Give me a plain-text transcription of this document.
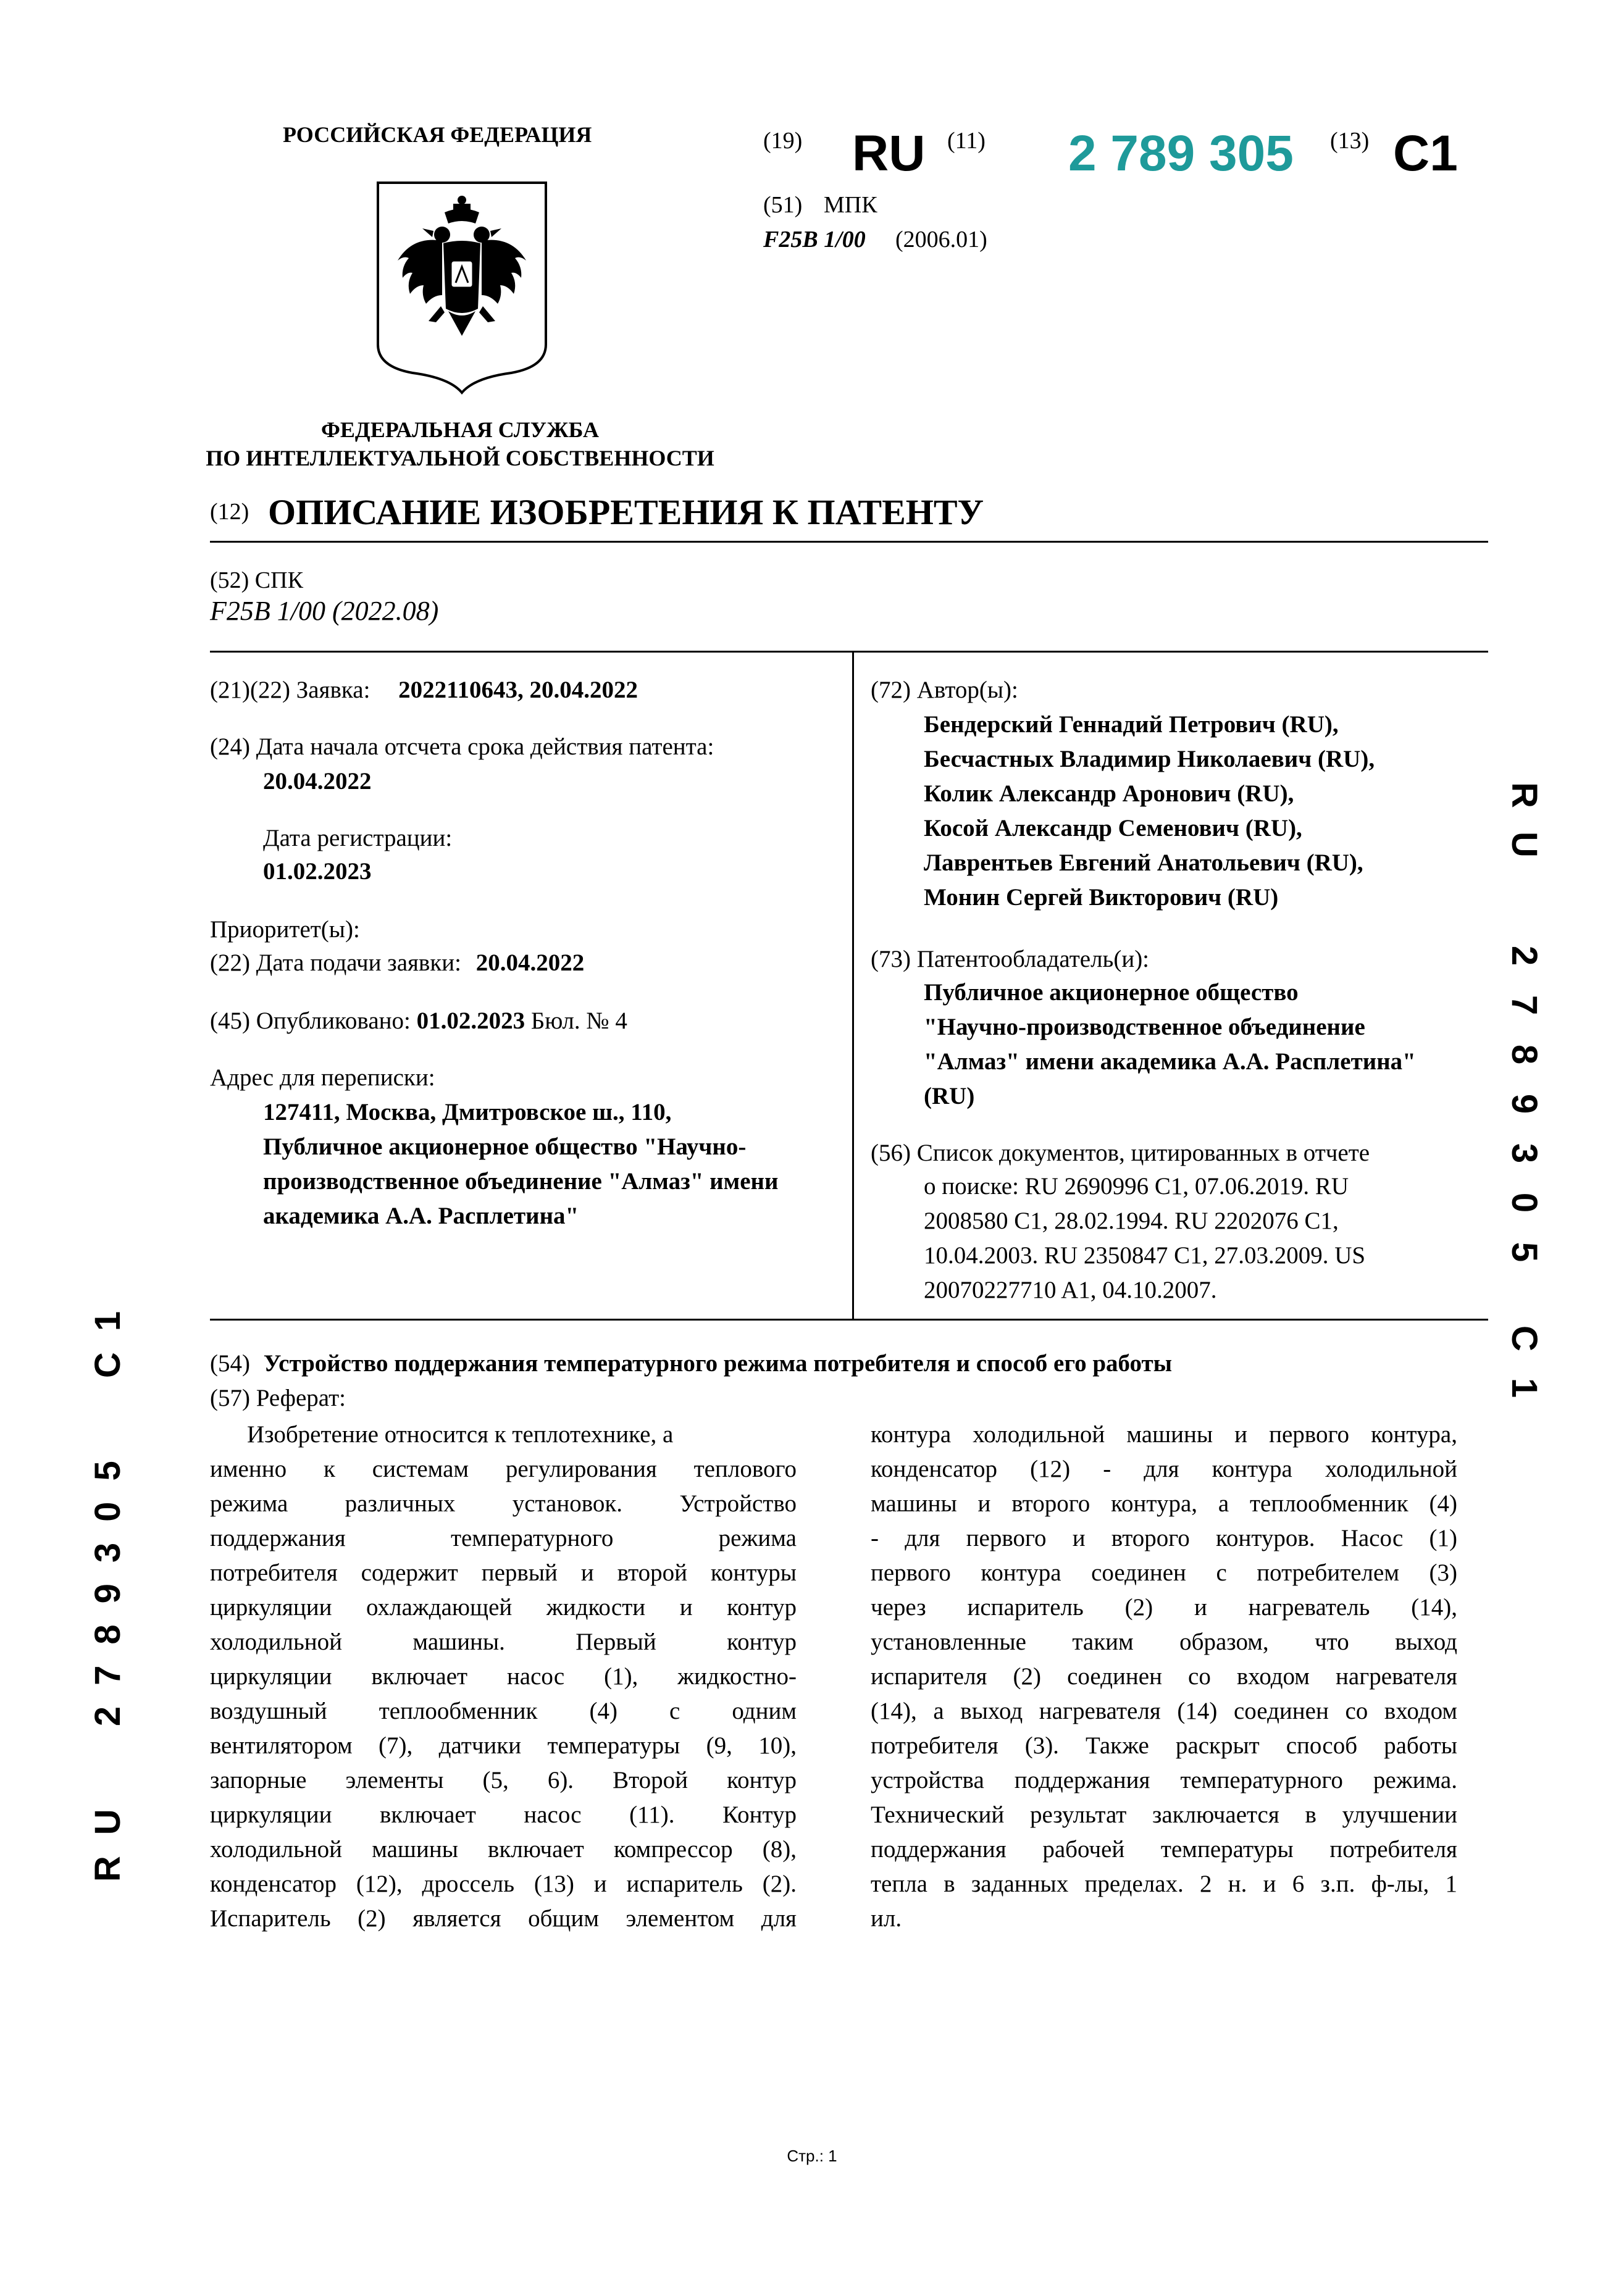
РОССИЙСКАЯ ФЕДЕРАЦИЯ
ФЕДЕРАЛЬНАЯ СЛУЖБА
ПО ИНТЕЛЛЕКТУАЛЬНОЙ СОБСТВЕННОСТИ
(19) RU (11) 2 789 305 (13) C1
(51) МПК
F25B 1/00 (2006.01)
(12) ОПИСАНИЕ ИЗОБРЕТЕНИЯ К ПАТЕНТУ
(52) СПК
F25B 1/00 (2022.08)
(21)(22) Заявка: 2022110643, 20.04.2022
(24) Дата начала отсчета срока действия патента:
20.04.2022
Дата регистрации:
01.02.2023
Приоритет(ы):
(22) Дата подачи заявки: 20.04.2022
(45) Опубликовано: 01.02.2023 Бюл. № 4
Адрес для переписки:
127411, Москва, Дмитровское ш., 110,
Публичное акционерное общество "Научно-
производственное объединение "Алмаз" имени
академика А.А. Расплетина"
(72) Автор(ы):
Бендерский Геннадий Петрович (RU),
Бесчастных Владимир Николаевич (RU),
Колик Александр Аронович (RU),
Косой Александр Семенович (RU),
Лаврентьев Евгений Анатольевич (RU),
Монин Сергей Викторович (RU)
(73) Патентообладатель(и):
Публичное акционерное общество
"Научно-производственное объединение
"Алмаз" имени академика А.А. Расплетина"
(RU)
(56) Список документов, цитированных в отчете
о поиске: RU 2690996 C1, 07.06.2019. RU
2008580 C1, 28.02.1994. RU 2202076 C1,
10.04.2003. RU 2350847 C1, 27.03.2009. US
20070227710 A1, 04.10.2007.
(54) Устройство поддержания температурного режима потребителя и способ его работы
(57) Реферат:
Изобретение относится к теплотехнике, а
именно к системам регулирования теплового
режима различных установок. Устройство
поддержания температурного режима
потребителя содержит первый и второй контуры
циркуляции охлаждающей жидкости и контур
холодильной машины. Первый контур
циркуляции включает насос (1), жидкостно-
воздушный теплообменник (4) с одним
вентилятором (7), датчики температуры (9, 10),
запорные элементы (5, 6). Второй контур
циркуляции включает насос (11). Контур
холодильной машины включает компрессор (8),
конденсатор (12), дроссель (13) и испаритель (2).
Испаритель (2) является общим элементом для
контура холодильной машины и первого контура,
конденсатор (12) - для контура холодильной
машины и второго контура, а теплообменник (4)
- для первого и второго контуров. Насос (1)
первого контура соединен с потребителем (3)
через испаритель (2) и нагреватель (14),
установленные таким образом, что выход
испарителя (2) соединен со входом нагревателя
(14), а выход нагревателя (14) соединен со входом
потребителя (3). Также раскрыт способ работы
устройства поддержания температурного режима.
Технический результат заключается в улучшении
поддержания рабочей температуры потребителя
тепла в заданных пределах. 2 н. и 6 з.п. ф-лы, 1
ил.
R
U
2
7
8
9
3
0
5
C
1
RU  2789305  C1
Стр.: 1
